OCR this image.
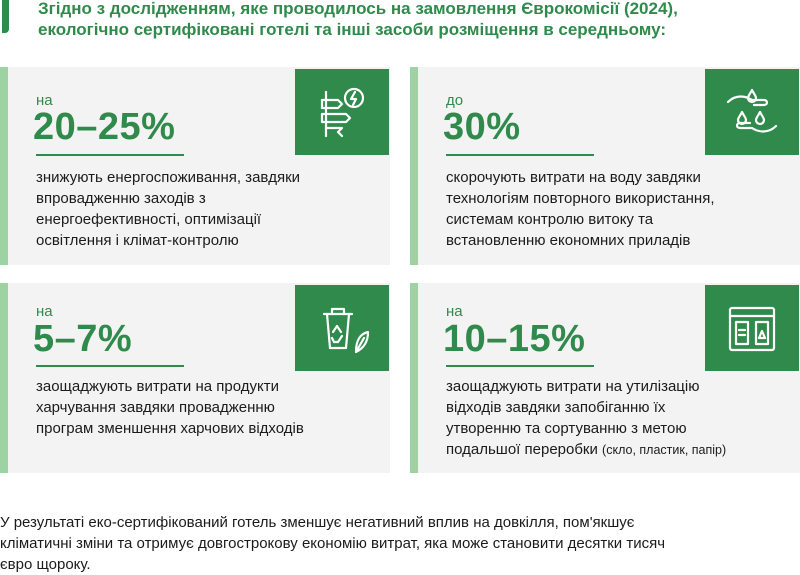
Згідно з дослідженням, яке проводилось на замовлення Єврокомісії (2024),
екологічно сертифіковані готелі та інші засоби розміщення в середньому:
на
20–25%
знижують енергоспоживання, завдяки
впровадженню заходів з
енергоефективності, оптимізації
освітлення і клімат-контролю
до
30%
скорочують витрати на воду завдяки
технологіям повторного використання,
системам контролю витоку та
встановленню економних приладів
на
5–7%
заощаджують витрати на продукти
харчування завдяки провадженню
програм зменшення харчових відходів
на
10–15%
заощаджують витрати на утилізацію
відходів завдяки запобіганню їх
утворенню та сортуванню з метою
подальшої переробки (скло, пластик, папір)
У результаті еко-сертифікований готель зменшує негативний вплив на довкілля, пом'якшує
кліматичні зміни та отримує довгострокову економію витрат, яка може становити десятки тисяч
євро щороку.
